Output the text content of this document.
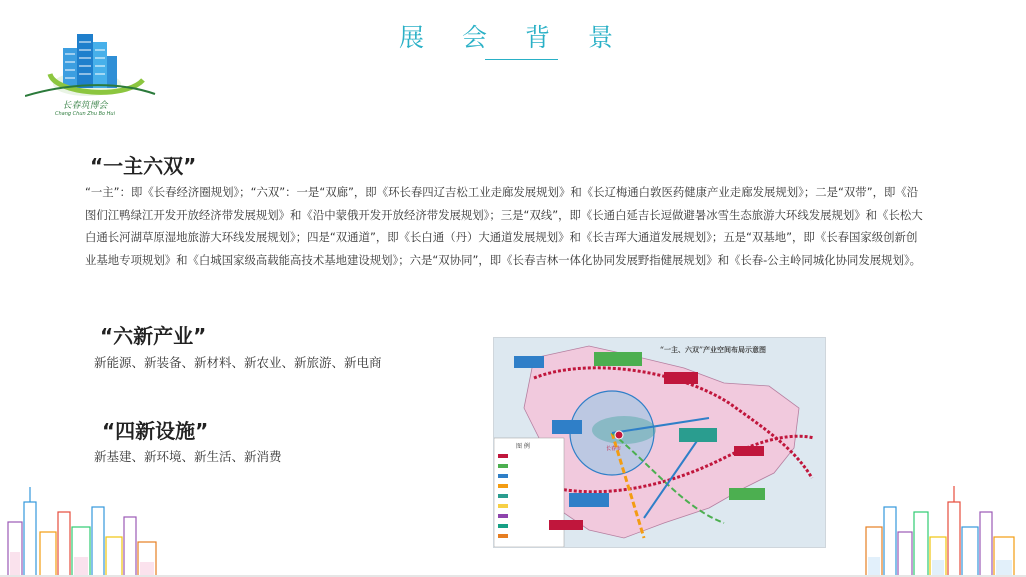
长春筑博会
Chang Chun Zhu Bo Hui
展会背景
“一主六双”
“一主”：即《长春经济圈规划》；“六双”：一是“双廊”，即《环长春四辽吉松工业走廊发展规划》和《长辽梅通白敦医药健康产业走廊发展规划》；二是“双带”，即《沿图们江鸭绿江开发开放经济带发展规划》和《沿中蒙俄开发开放经济带发展规划》；三是“双线”，即《长通白延吉长逗做避暑冰雪生态旅游大环线发展规划》和《长松大白通长河湖草原湿地旅游大环线发展规划》；四是“双通道”，即《长白通（丹）大通道发展规划》和《长吉珲大通道发展规划》；五是“双基地”，即《长春国家级创新创业基地专项规划》和《白城国家级高载能高技术基地建设规划》；六是“双协同”，即《长春吉林一体化协同发展野指健展规划》和《长春-公主岭同城化协同发展规划》。
“六新产业”
新能源、新装备、新材料、新农业、新旅游、新电商
“四新设施”
新基建、新环境、新生活、新消费
图 例	长春市
“一主、六双”产业空间布局示意图
